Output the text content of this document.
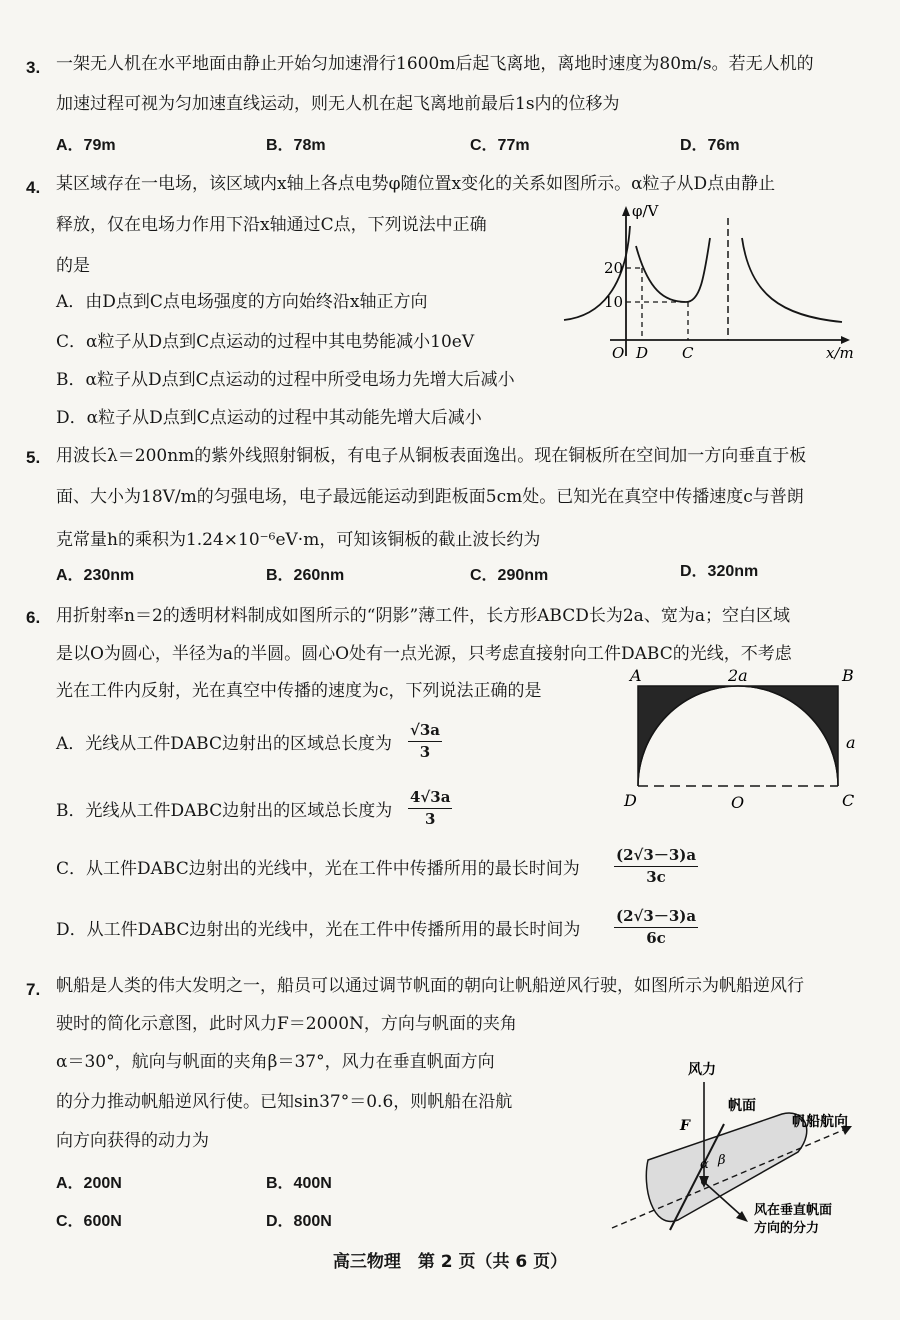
3. 一架无人机在水平地面由静止开始匀加速滑行1600m后起飞离地，离地时速度为80m/s。若无人机的
加速过程可视为匀加速直线运动，则无人机在起飞离地前最后1s内的位移为
A．79m	B．78m	C．77m	D．76m
4. 某区域存在一电场，该区域内x轴上各点电势φ随位置x变化的关系如图所示。α粒子从D点由静止
释放，仅在电场力作用下沿x轴通过C点，下列说法中正确
的是
A．由D点到C点电场强度的方向始终沿x轴正方向
C．α粒子从D点到C点运动的过程中其电势能减小10eV
B．α粒子从D点到C点运动的过程中所受电场力先增大后减小
D．α粒子从D点到C点运动的过程中其动能先增大后减小
φ/V
x/m
20
10
O D C
5. 用波长λ＝200nm的紫外线照射铜板，有电子从铜板表面逸出。现在铜板所在空间加一方向垂直于板
面、大小为18V/m的匀强电场，电子最远能运动到距板面5cm处。已知光在真空中传播速度c与普朗
克常量h的乘积为1.24×10⁻⁶eV·m，可知该铜板的截止波长约为
A．230nm	B．260nm	C．290nm	D．320nm
6. 用折射率n＝2的透明材料制成如图所示的“阴影”薄工件，长方形ABCD长为2a、宽为a；空白区域
是以O为圆心，半径为a的半圆。圆心O处有一点光源，只考虑直接射向工件DABC的光线，不考虑
光在工件内反射，光在真空中传播的速度为c，下列说法正确的是
A．光线从工件DABC边射出的区域总长度为 $\frac{√3a}{3}$
B．光线从工件DABC边射出的区域总长度为 $\frac{4√3a}{3}$
C．从工件DABC边射出的光线中，光在工件中传播所用的最长时间为 $\frac{(2√3-3)a}{3c}$
D．从工件DABC边射出的光线中，光在工件中传播所用的最长时间为 $\frac{(2√3-3)a}{6c}$
A	B
C
D	O
2a
a
7. 帆船是人类的伟大发明之一，船员可以通过调节帆面的朝向让帆船逆风行驶，如图所示为帆船逆风行
驶时的简化示意图，此时风力F＝2000N，方向与帆面的夹角
α＝30°，航向与帆面的夹角β＝37°，风力在垂直帆面方向
的分力推动帆船逆风行使。已知sin37°＝0.6，则帆船在沿航
向方向获得的动力为
A．200N	B．400N
C．600N	D．800N
风力
帆面
帆船航向
F
α β
风在垂直帆面
方向的分力
高三物理　第 2 页（共 6 页）
